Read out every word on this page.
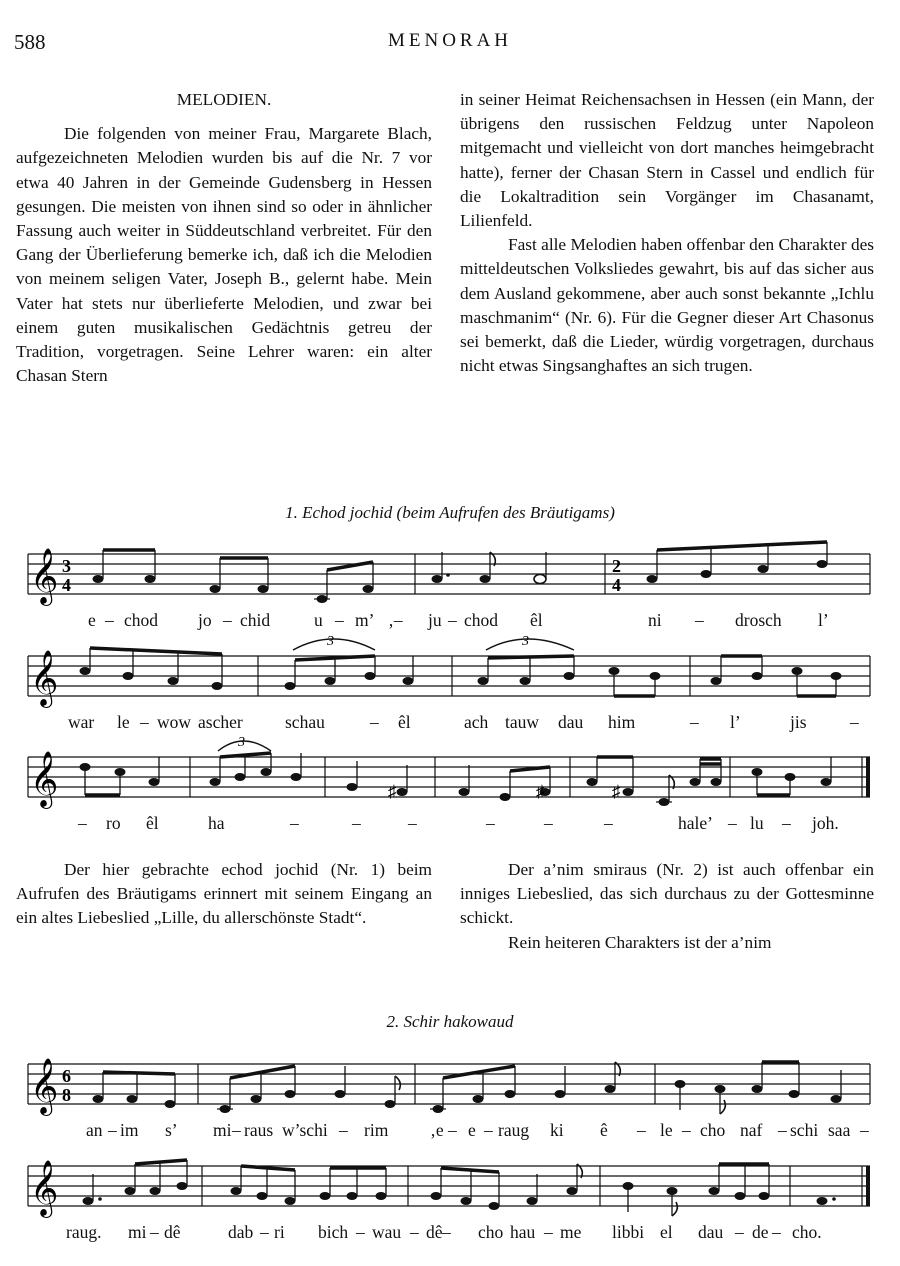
588	MENORAH

MELODIEN.

Die folgenden von meiner Frau, Margarete Blach, aufgezeichneten Melodien wurden bis auf die Nr. 7 vor etwa 40 Jahren in der Gemeinde Gudensberg in Hessen gesungen. Die meisten von ihnen sind so oder in ähnlicher Fassung auch weiter in Süddeutschland verbreitet. Für den Gang der Überlieferung bemerke ich, daß ich die Melodien von meinem seligen Vater, Joseph B., gelernt habe. Mein Vater hat stets nur überlieferte Melodien, und zwar bei einem guten musikalischen Gedächtnis getreu der Tradition, vorgetragen. Seine Lehrer waren: ein alter Chasan Stern

in seiner Heimat Reichensachsen in Hessen (ein Mann, der übrigens den russischen Feldzug unter Napoleon mitgemacht und vielleicht von dort manches heimgebracht hatte), ferner der Chasan Stern in Cassel und endlich für die Lokaltradition sein Vorgänger im Chasanamt, Lilienfeld.

Fast alle Melodien haben offenbar den Charakter des mitteldeutschen Volksliedes gewahrt, bis auf das sicher aus dem Ausland gekommene, aber auch sonst bekannte „Ichlu maschmanim“ (Nr. 6). Für die Gegner dieser Art Chasonus sei bemerkt, daß die Lieder, würdig vorgetragen, durchaus nicht etwas Singsanghaftes an sich trugen.

1. Echod jochid (beim Aufrufen des Bräutigams)
𝄞 3
4
2
4
e – chod jo – chid	u – m’ ‚– ju – chod êl	ni – drosch l’
𝄞
3	3
war le – wow ascher schau	– êl	ach tauw dau him	– l’	jis –
𝄞
3
♯	♯	♯
– ro êl	ha	–	–	–	–	–	–	hale’ – lu – joh.

Der hier gebrachte echod jochid (Nr. 1) beim Aufrufen des Bräutigams erinnert mit seinem Eingang an ein altes Liebeslied „Lille, du allerschönste Stadt“.

Der a’nim smiraus (Nr. 2) ist auch offenbar ein inniges Liebeslied, das sich durchaus zu der Gottesminne schickt.

Rein heiteren Charakters ist der a’nim

2. Schir hakowaud
𝄞 6
8
an – im s’ mi – raus w’schi – rim ‚e – e – raug ki ê – le – cho naf – schi saa –
𝄞
raug. mi – dê	dab – ri bich – wau – dê – cho hau – me libbi el dau – de – cho.
